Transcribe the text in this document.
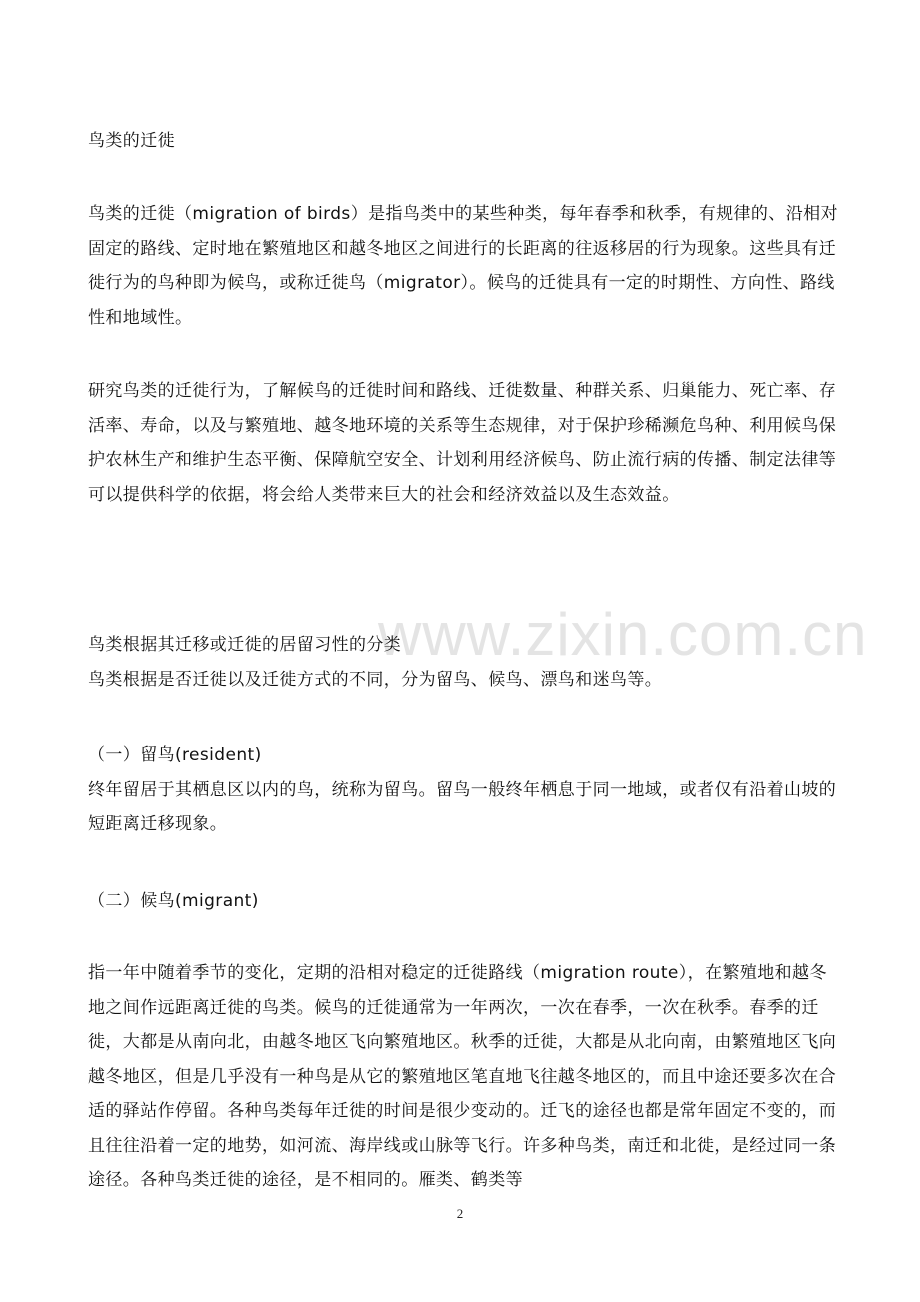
www.zixin.com.cn

鸟类的迁徙

鸟类的迁徙（migration of birds）是指鸟类中的某些种类，每年春季和秋季，有规律的、沿相对固定的路线、定时地在繁殖地区和越冬地区之间进行的长距离的往返移居的行为现象。这些具有迁徙行为的鸟种即为候鸟，或称迁徙鸟（migrator）。候鸟的迁徙具有一定的时期性、方向性、路线性和地域性。

研究鸟类的迁徙行为，了解候鸟的迁徙时间和路线、迁徙数量、种群关系、归巢能力、死亡率、存活率、寿命，以及与繁殖地、越冬地环境的关系等生态规律，对于保护珍稀濒危鸟种、利用候鸟保护农林生产和维护生态平衡、保障航空安全、计划利用经济候鸟、防止流行病的传播、制定法律等可以提供科学的依据，将会给人类带来巨大的社会和经济效益以及生态效益。

鸟类根据其迁移或迁徙的居留习性的分类

鸟类根据是否迁徙以及迁徙方式的不同，分为留鸟、候鸟、漂鸟和迷鸟等。

（一）留鸟(resident)

终年留居于其栖息区以内的鸟，统称为留鸟。留鸟一般终年栖息于同一地域，或者仅有沿着山坡的短距离迁移现象。

（二）候鸟(migrant)

指一年中随着季节的变化，定期的沿相对稳定的迁徙路线（migration route），在繁殖地和越冬地之间作远距离迁徙的鸟类。候鸟的迁徙通常为一年两次，一次在春季，一次在秋季。春季的迁徙，大都是从南向北，由越冬地区飞向繁殖地区。秋季的迁徙，大都是从北向南，由繁殖地区飞向越冬地区，但是几乎没有一种鸟是从它的繁殖地区笔直地飞往越冬地区的，而且中途还要多次在合适的驿站作停留。各种鸟类每年迁徙的时间是很少变动的。迁飞的途径也都是常年固定不变的，而且往往沿着一定的地势，如河流、海岸线或山脉等飞行。许多种鸟类，南迁和北徙，是经过同一条途径。各种鸟类迁徙的途径，是不相同的。雁类、鹤类等

2
